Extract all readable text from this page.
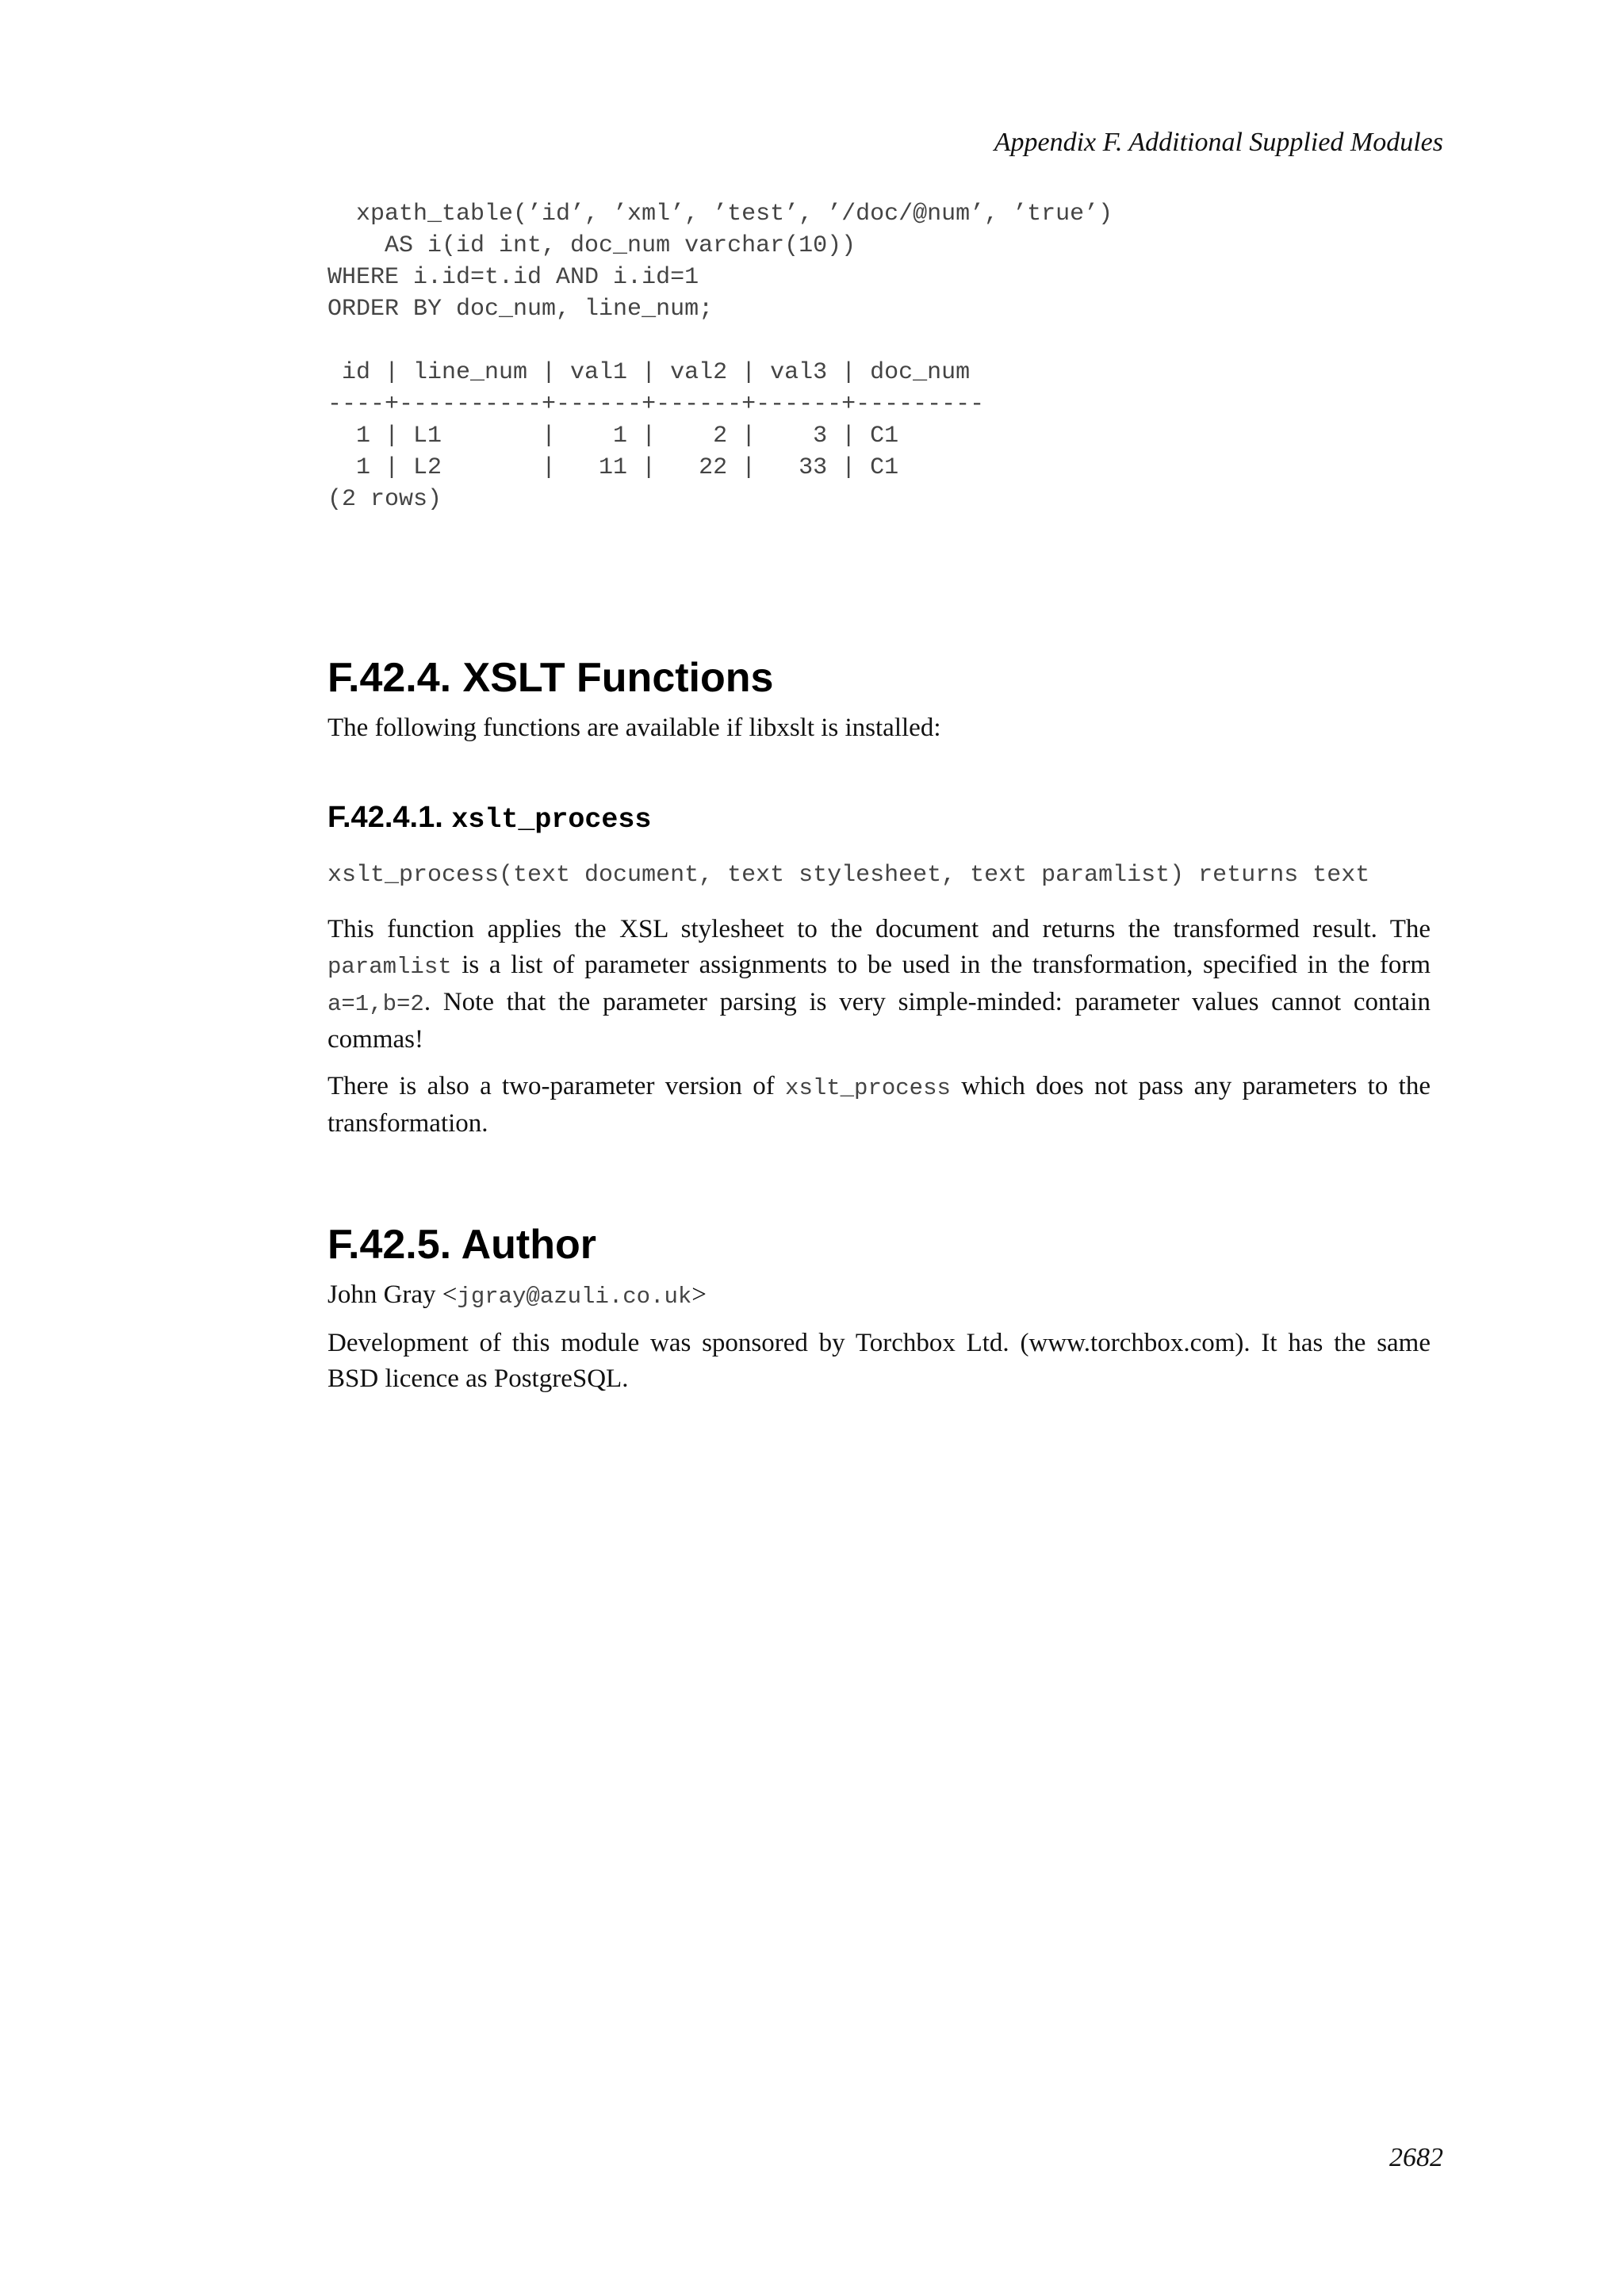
Appendix F. Additional Supplied Modules
xpath_table(’id’, ’xml’, ’test’, ’/doc/@num’, ’true’)
AS i(id int, doc_num varchar(10))
WHERE i.id=t.id AND i.id=1
ORDER BY doc_num, line_num;

id | line_num | val1 | val2 | val3 | doc_num
----+----------+------+------+------+---------
1 | L1       |    1 |    2 |    3 | C1
1 | L2       |   11 |   22 |   33 | C1
(2 rows)
F.42.4. XSLT Functions

The following functions are available if libxslt is installed:

F.42.4.1. xslt_process
xslt_process(text document, text stylesheet, text paramlist) returns text

This function applies the XSL stylesheet to the document and returns the transformed result. The paramlist is a list of parameter assignments to be used in the transformation, specified in the form a=1,b=2. Note that the parameter parsing is very simple-minded: parameter values cannot contain commas!

There is also a two-parameter version of xslt_process which does not pass any parameters to the transformation.

F.42.5. Author

John Gray <jgray@azuli.co.uk>

Development of this module was sponsored by Torchbox Ltd. (www.torchbox.com). It has the same BSD licence as PostgreSQL.

2682
